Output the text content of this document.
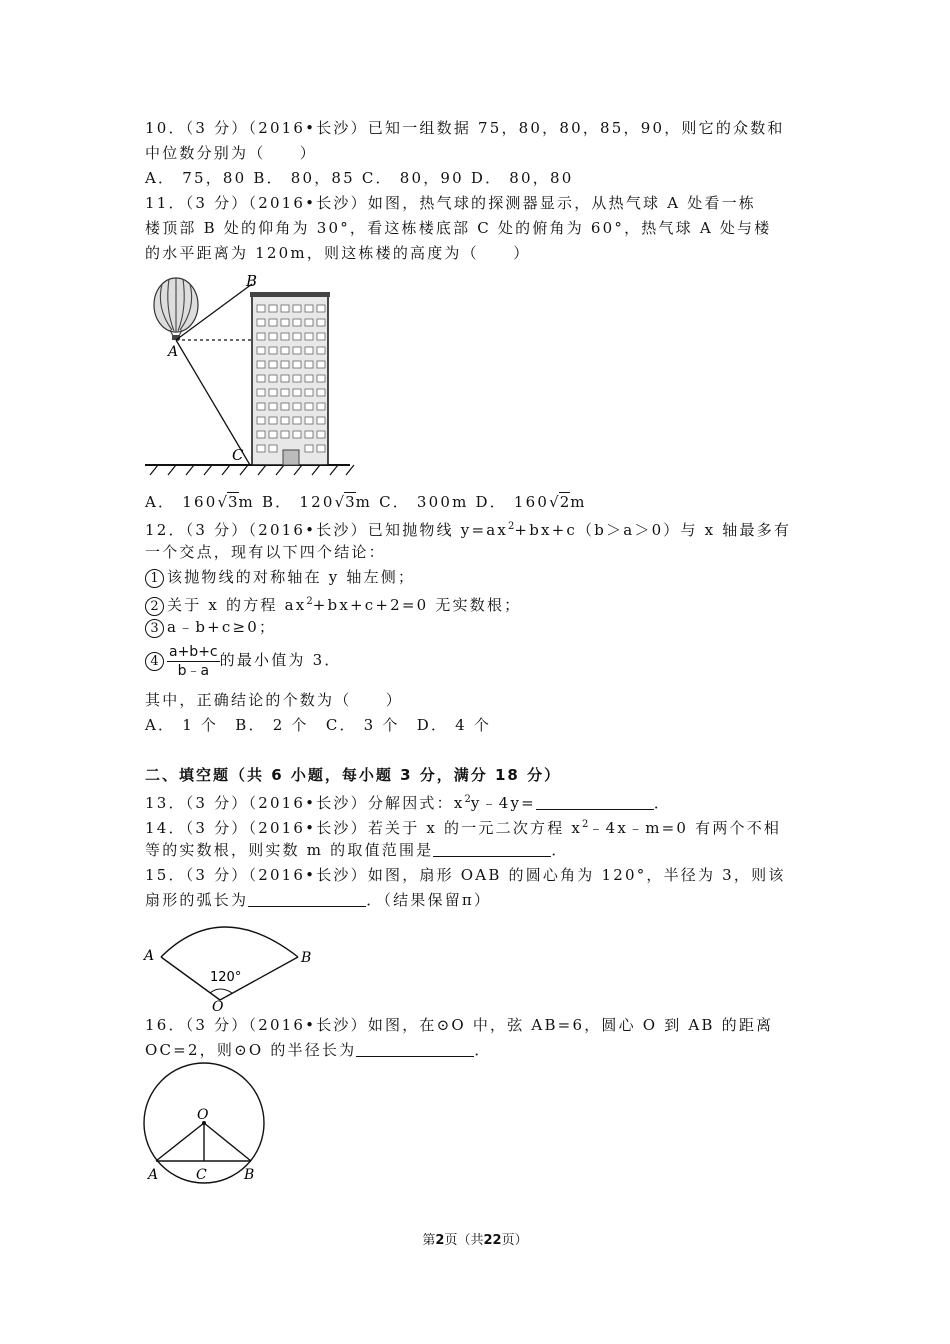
10．（3 分）（2016•长沙）已知一组数据 75，80，80，85，90，则它的众数和
中位数分别为（　　）
A． 75，80 B． 80，85 C． 80，90 D． 80，80
11．（3 分）（2016•长沙）如图，热气球的探测器显示，从热气球 A 处看一栋
楼顶部 B 处的仰角为 30°，看这栋楼底部 C 处的俯角为 60°，热气球 A 处与楼
的水平距离为 120m，则这栋楼的高度为（　　）
B
A
C
A． 160√3m B． 120√3m C． 300m D． 160√2m
12．（3 分）（2016•长沙）已知抛物线 $y=ax^2+bx+c(b>a>0)$与 x 轴最多有
一个交点，现有以下四个结论：
1 该抛物线的对称轴在 y 轴左侧；
2 关于 x 的方程 $ax^2+bx+c+2=0$ 无实数根；
3 a﹣b+c≥0；
$4 \frac{a+b+c}{b﹣a}$ 的最小值为 3．
其中，正确结论的个数为（　　）
A． 1 个　B． 2 个　C． 3 个　D． 4 个
二、填空题（共 6 小题，每小题 3 分，满分 18 分）
13．（3 分）（2016•长沙）分解因式：$x^2y﹣4y=$	．
14．（3 分）（2016•长沙）若关于 x 的一元二次方程 $x^2﹣4x﹣m=0$ 有两个不相
等的实数根，则实数 m 的取值范围是	．
15．（3 分）（2016•长沙）如图，扇形 OAB 的圆心角为 120°，半径为 3，则该
扇形的弧长为	．（结果保留π）
A	B
120°
O
16．（3 分）（2016•长沙）如图，在⊙O 中，弦 AB=6，圆心 O 到 AB 的距离
OC=2，则⊙O 的半径长为	．
O
A	C	B
第2页（共22页）
